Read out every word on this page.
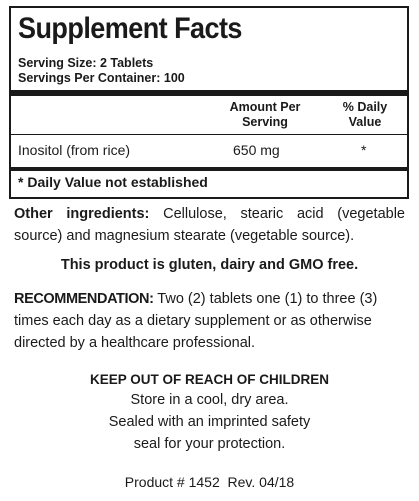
Supplement Facts
Serving Size: 2 Tablets
Servings Per Container: 100
Amount Per
Serving
% Daily
Value
Inositol (from rice)	650 mg	*
* Daily Value not established
Other ingredients: Cellulose, stearic acid (vegetable source) and magnesium stearate (vegetable source).
This product is gluten, dairy and GMO free.
RECOMMENDATION: Two (2) tablets one (1) to three (3) times each day as a dietary supplement or as otherwise directed by a healthcare professional.
KEEP OUT OF REACH OF CHILDREN
Store in a cool, dry area.
Sealed with an imprinted safety
seal for your protection.
Product # 1452  Rev. 04/18
